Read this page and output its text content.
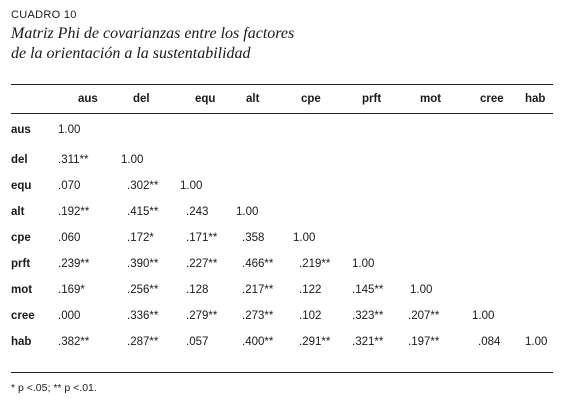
CUADRO 10
Matriz Phi de covarianzas entre los factores
de la orientación a la sustentabilidad
	aus	del	equ	alt	cpe	prft	mot	cree	hab
aus	1.00								
del	.311**	1.00							
equ	.070	.302**	1.00						
alt	.192**	.415**	.243	1.00					
cpe	.060	.172*	.171**	.358	1.00				
prft	.239**	.390**	.227**	.466**	.219**	1.00			
mot	.169*	.256**	.128	.217**	.122	.145**	1.00		
cree	.000	.336**	.279**	.273**	.102	.323**	.207**	1.00	
hab	.382**	.287**	.057	.400**	.291**	.321**	.197**	.084	1.00
* p <.05; ** p <.01.
